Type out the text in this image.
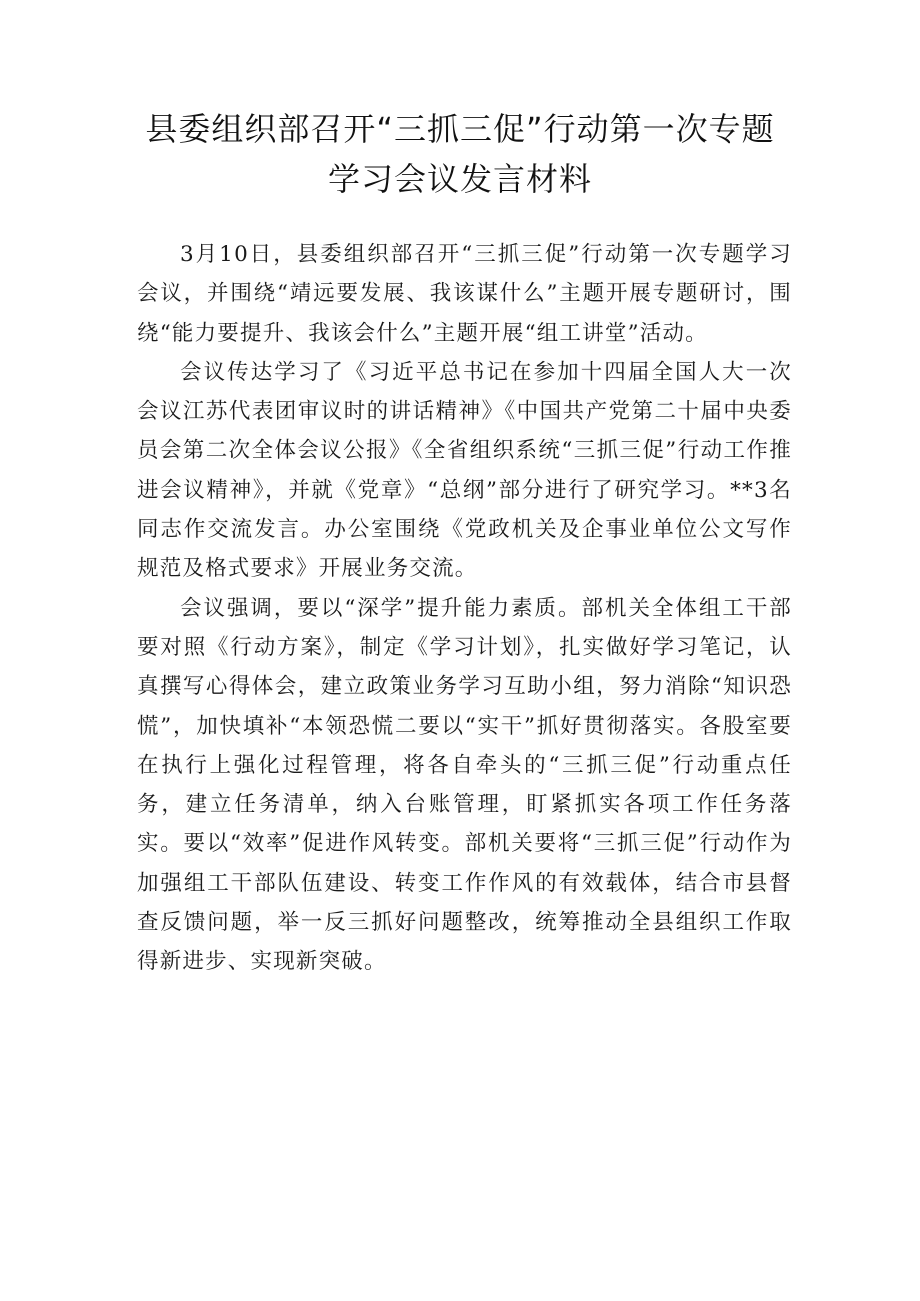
县委组织部召开“三抓三促”行动第一次专题
学习会议发言材料

3月10日，县委组织部召开“三抓三促”行动第一次专题学习会议，并围绕“靖远要发展、我该谋什么”主题开展专题研讨，围绕“能力要提升、我该会什么”主题开展“组工讲堂”活动。

会议传达学习了《习近平总书记在参加十四届全国人大一次会议江苏代表团审议时的讲话精神》《中国共产党第二十届中央委员会第二次全体会议公报》《全省组织系统“三抓三促”行动工作推进会议精神》，并就《党章》“总纲”部分进行了研究学习。**3名同志作交流发言。办公室围绕《党政机关及企事业单位公文写作规范及格式要求》开展业务交流。

会议强调，要以“深学”提升能力素质。部机关全体组工干部要对照《行动方案》，制定《学习计划》，扎实做好学习笔记，认真撰写心得体会，建立政策业务学习互助小组，努力消除“知识恐慌”，加快填补“本领恐慌二要以“实干”抓好贯彻落实。各股室要在执行上强化过程管理，将各自牵头的“三抓三促”行动重点任务，建立任务清单，纳入台账管理，盯紧抓实各项工作任务落实。要以“效率”促进作风转变。部机关要将“三抓三促”行动作为加强组工干部队伍建设、转变工作作风的有效载体，结合市县督查反馈问题，举一反三抓好问题整改，统筹推动全县组织工作取得新进步、实现新突破。
